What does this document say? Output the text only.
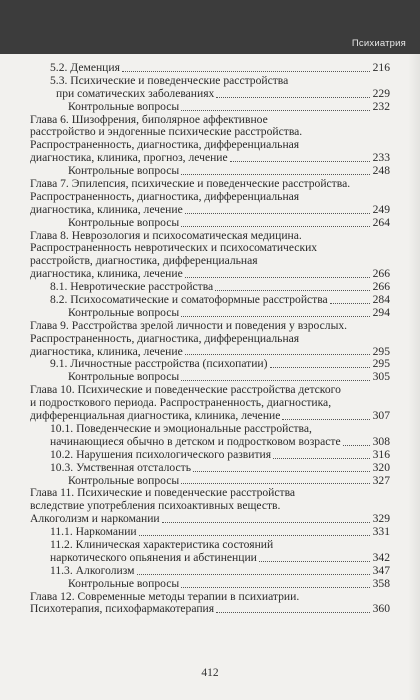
Психиатрия
5.2. Деменция	216
5.3. Психические и поведенческие расстройства
при соматических заболеваниях	229
Контрольные вопросы	232
Глава 6. Шизофрения, биполярное аффективное
расстройство и эндогенные психические расстройства.
Распространенность, диагностика, дифференциальная
диагностика, клиника, прогноз, лечение	233
Контрольные вопросы	248
Глава 7. Эпилепсия, психические и поведенческие расстройства.
Распространенность, диагностика, дифференциальная
диагностика, клиника, лечение	249
Контрольные вопросы	264
Глава 8. Неврозология и психосоматическая медицина.
Распространенность невротических и психосоматических
расстройств, диагностика, дифференциальная
диагностика, клиника, лечение	266
8.1. Невротические расстройства	266
8.2. Психосоматические и соматоформные расстройства	284
Контрольные вопросы	294
Глава 9. Расстройства зрелой личности и поведения у взрослых.
Распространенность, диагностика, дифференциальная
диагностика, клиника, лечение	295
9.1. Личностные расстройства (психопатии)	295
Контрольные вопросы	305
Глава 10. Психические и поведенческие расстройства детского
и подросткового периода. Распространенность, диагностика,
дифференциальная диагностика, клиника, лечение	307
10.1. Поведенческие и эмоциональные расстройства,
начинающиеся обычно в детском и подростковом возрасте	308
10.2. Нарушения психологического развития	316
10.3. Умственная отсталость	320
Контрольные вопросы	327
Глава 11. Психические и поведенческие расстройства
вследствие употребления психоактивных веществ.
Алкоголизм и наркомании	329
11.1. Наркомании	331
11.2. Клиническая характеристика состояний
наркотического опьянения и абстиненции	342
11.3. Алкоголизм	347
Контрольные вопросы	358
Глава 12. Современные методы терапии в психиатрии.
Психотерапия, психофармакотерапия	360
412
